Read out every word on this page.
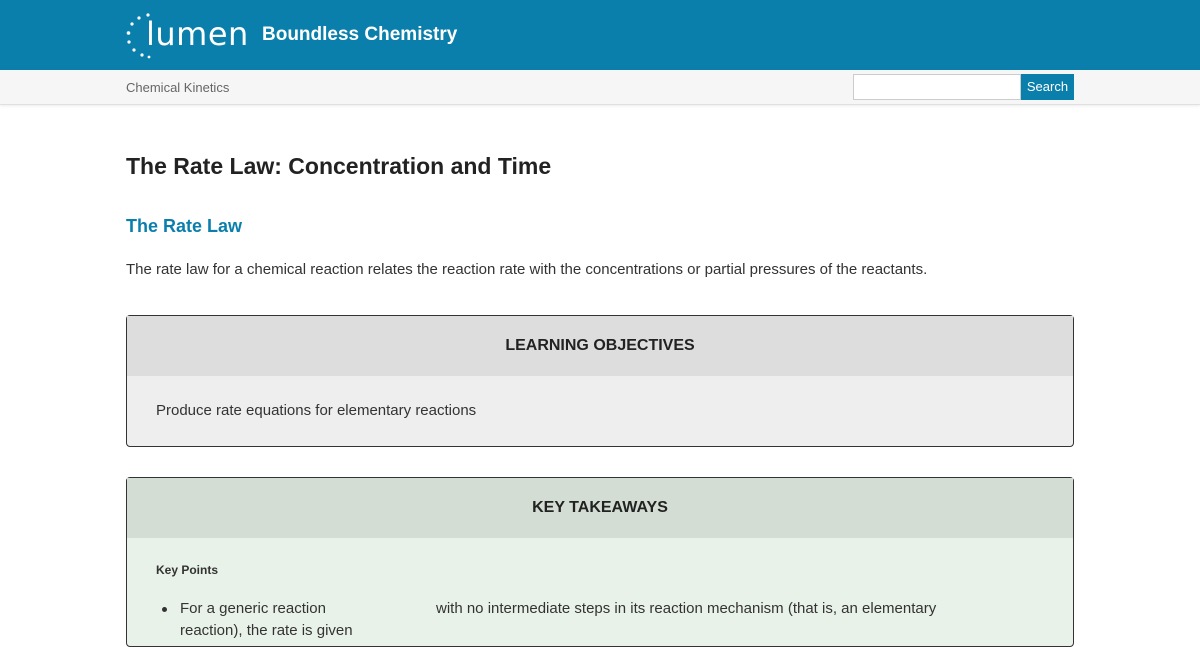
lumen Boundless Chemistry
Chemical Kinetics	Search
The Rate Law: Concentration and Time
The Rate Law

The rate law for a chemical reaction relates the reaction rate with the concentrations or partial pressures of the reactants.

LEARNING OBJECTIVES
Produce rate equations for elementary reactions
KEY TAKEAWAYS
Key Points
For a generic reaction
reaction), the rate is given
with no intermediate steps in its reaction mechanism (that is, an elementary
